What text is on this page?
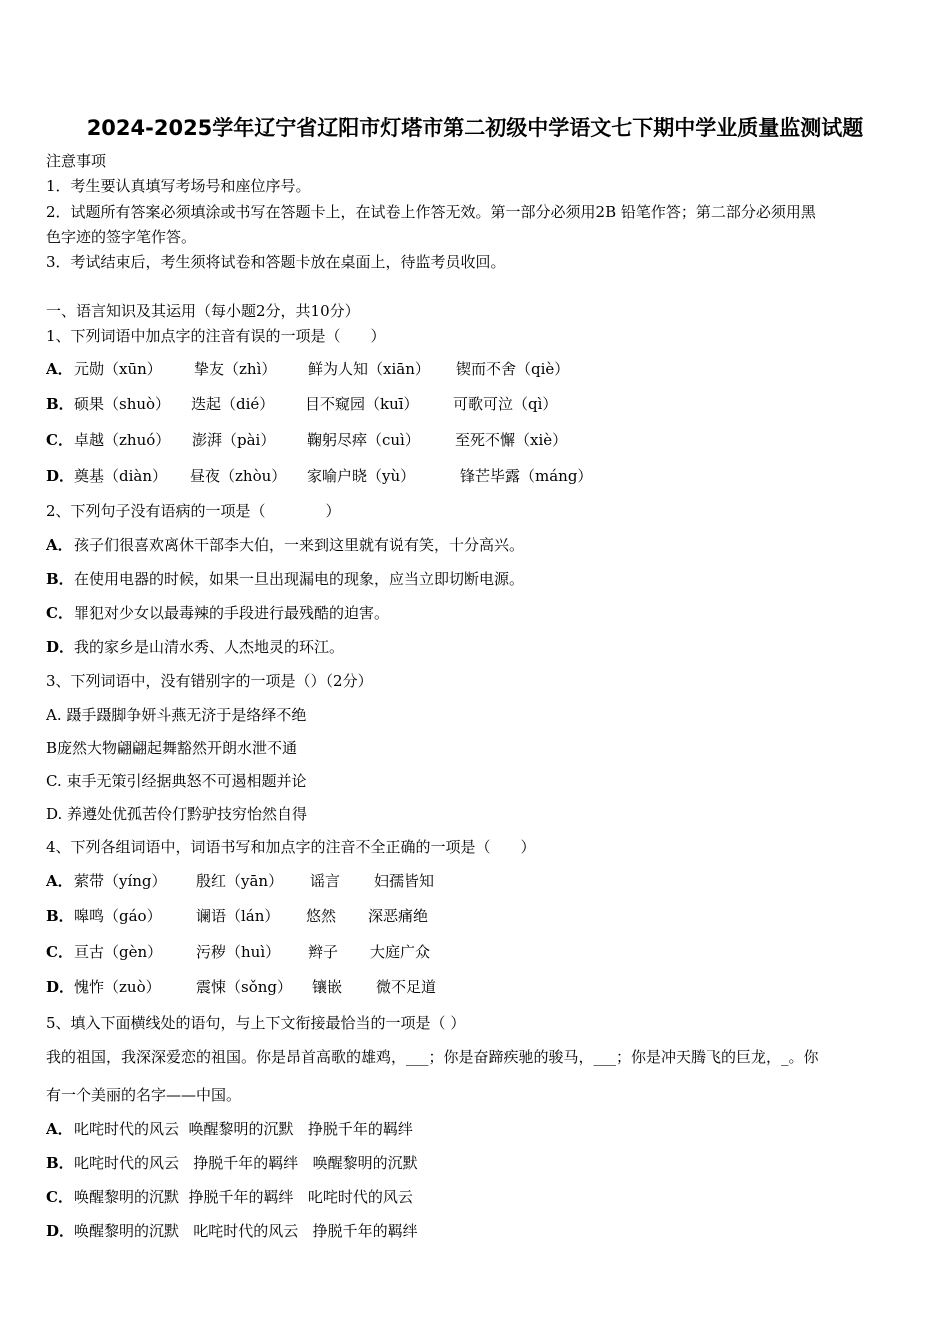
2024-2025学年辽宁省辽阳市灯塔市第二初级中学语文七下期中学业质量监测试题
注意事项
1．考生要认真填写考场号和座位序号。
2．试题所有答案必须填涂或书写在答题卡上，在试卷上作答无效。第一部分必须用2B 铅笔作答；第二部分必须用黑
色字迹的签字笔作答。
3．考试结束后，考生须将试卷和答题卡放在桌面上，待监考员收回。
一、语言知识及其运用（每小题2分，共10分）
1、下列词语中加点字的注音有误的一项是（　　）
A． 元勋（xūn） 挚友（zhì） 鲜为人知（xiān） 锲而不舍（qiè）
B． 硕果（shuò） 迭起（dié） 目不窥园（kuī） 可歌可泣（qì）
C． 卓越（zhuó） 澎湃（pài） 鞠躬尽瘁（cuì） 至死不懈（xiè）
D． 奠基（diàn） 昼夜（zhòu） 家喻户晓（yù）	锋芒毕露（máng）
2、下列句子没有语病的一项是（　　　　）
A．孩子们很喜欢离休干部李大伯，一来到这里就有说有笑，十分高兴。
B．在使用电器的时候，如果一旦出现漏电的现象，应当立即切断电源。
C．罪犯对少女以最毒辣的手段进行最残酷的迫害。
D．我的家乡是山清水秀、人杰地灵的环江。
3、下列词语中，没有错别字的一项是（）（2分）
A. 蹑手蹑脚争妍斗燕无济于是络绎不绝
B庞然大物翩翩起舞豁然开朗水泄不通
C. 束手无策引经据典怒不可遏相题并论
D. 养遵处优孤苦伶仃黔驴技穷怡然自得
4、下列各组词语中，词语书写和加点字的注音不全正确的一项是（　　）
A． 萦带（yíng） 殷红（yān） 谣言 妇孺皆知
B． 嗥鸣（gáo） 谰语（lán） 悠然 深恶痛绝
C． 亘古（gèn） 污秽（huì） 辫子 大庭广众
D． 愧怍（zuò） 震悚（sǒng） 镶嵌 微不足道
5、填入下面横线处的语句，与上下文衔接最恰当的一项是（ ）
我的祖国，我深深爱恋的祖国。你是昂首高歌的雄鸡，___；你是奋蹄疾驰的骏马，___；你是冲天腾飞的巨龙，_。你
有一个美丽的名字——中国。
A．叱咤时代的风云  唤醒黎明的沉默   挣脱千年的羁绊
B．叱咤时代的风云   挣脱千年的羁绊   唤醒黎明的沉默
C．唤醒黎明的沉默  挣脱千年的羁绊   叱咤时代的风云
D．唤醒黎明的沉默   叱咤时代的风云   挣脱千年的羁绊
